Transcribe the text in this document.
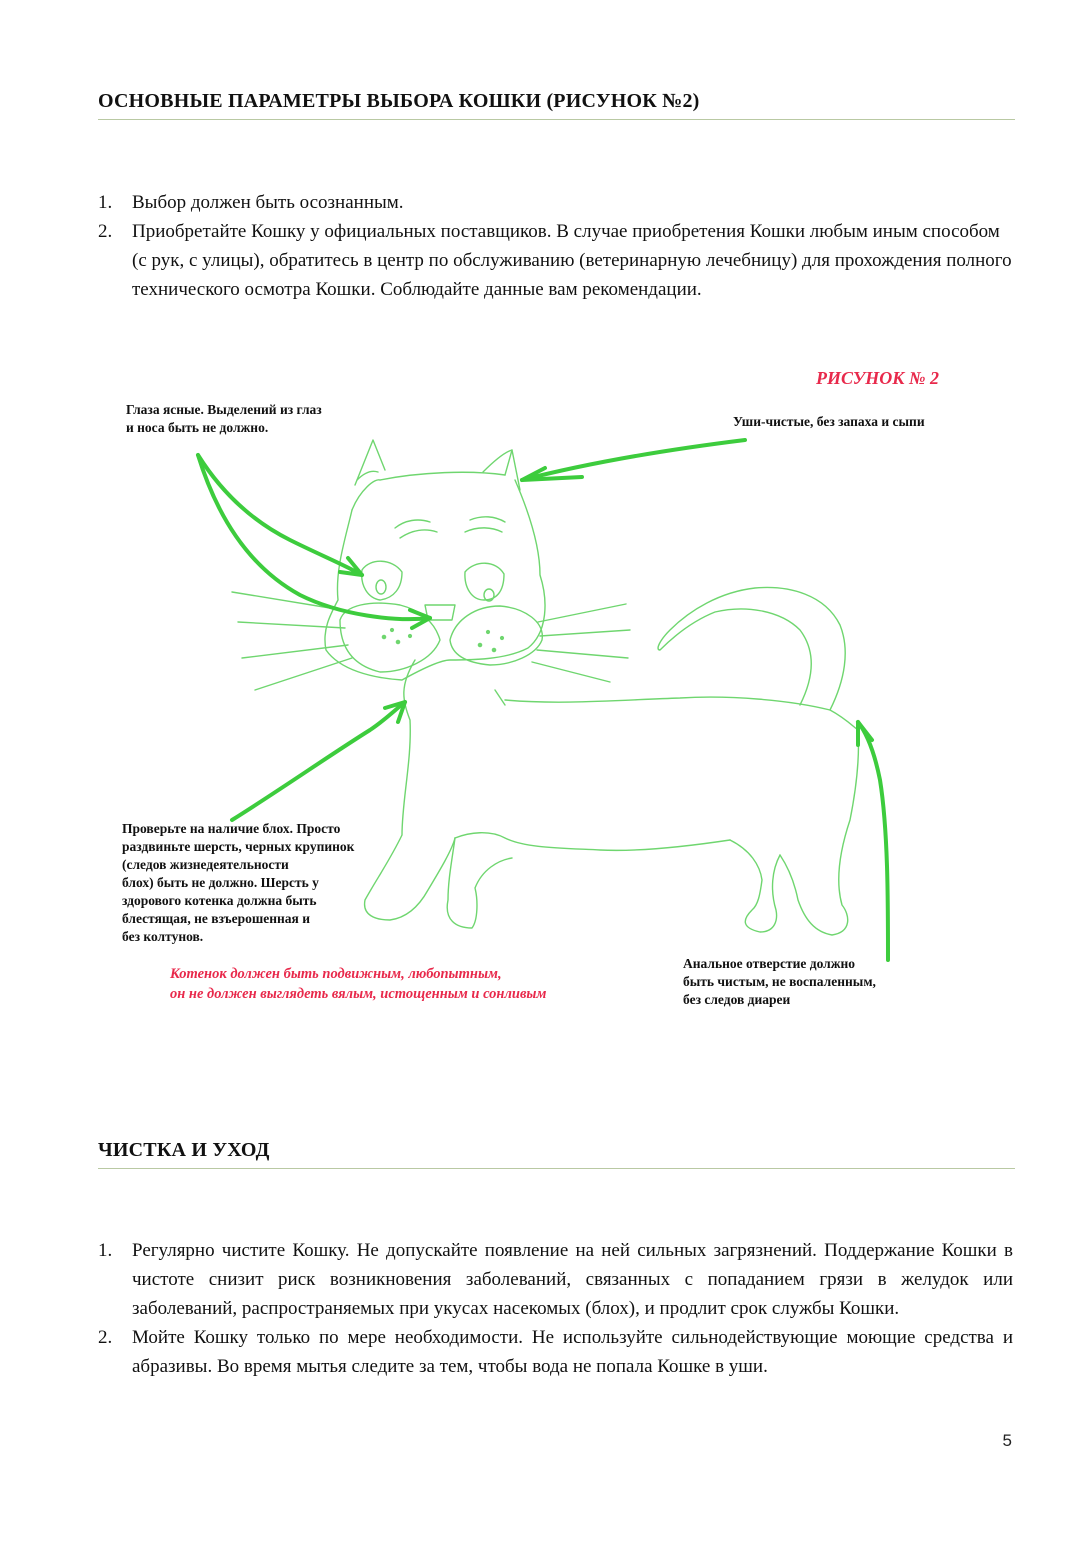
ОСНОВНЫЕ ПАРАМЕТРЫ ВЫБОРА КОШКИ (РИСУНОК №2)
1. Выбор должен быть осознанным.
2. Приобретайте Кошку у официальных поставщиков. В случае приобретения Кошки любым иным способом (с рук, с улицы), обратитесь в центр по обслуживанию (ветеринарную лечебницу) для прохождения полного технического осмотра Кошки. Соблюдайте данные вам рекомендации.
РИСУНОК № 2
Глаза ясные. Выделений из глаз
и носа быть не должно.	Уши-чистые, без запаха и сыпи
Проверьте на наличие блох. Просто
раздвиньте шерсть, черных крупинок
(следов жизнедеятельности
блох) быть не должно. Шерсть у
здорового котенка должна быть
блестящая, не взъерошенная и
без колтунов.
Анальное отверстие должно
быть чистым, не воспаленным,
без следов диареи
Котенок должен быть подвижным, любопытным,
он не должен выглядеть вялым, истощенным и сонливым
ЧИСТКА И УХОД
1. Регулярно чистите Кошку. Не допускайте появление на ней сильных загрязнений. Поддержание Кошки в чистоте снизит риск возникновения заболеваний, связанных с попаданием грязи в желудок или заболеваний, распространяемых при укусах насекомых (блох), и продлит срок службы Кошки.
2. Мойте Кошку только по мере необходимости. Не используйте сильнодействующие моющие средства и абразивы. Во время мытья следите за тем, чтобы вода не попала Кошке в уши.
5
